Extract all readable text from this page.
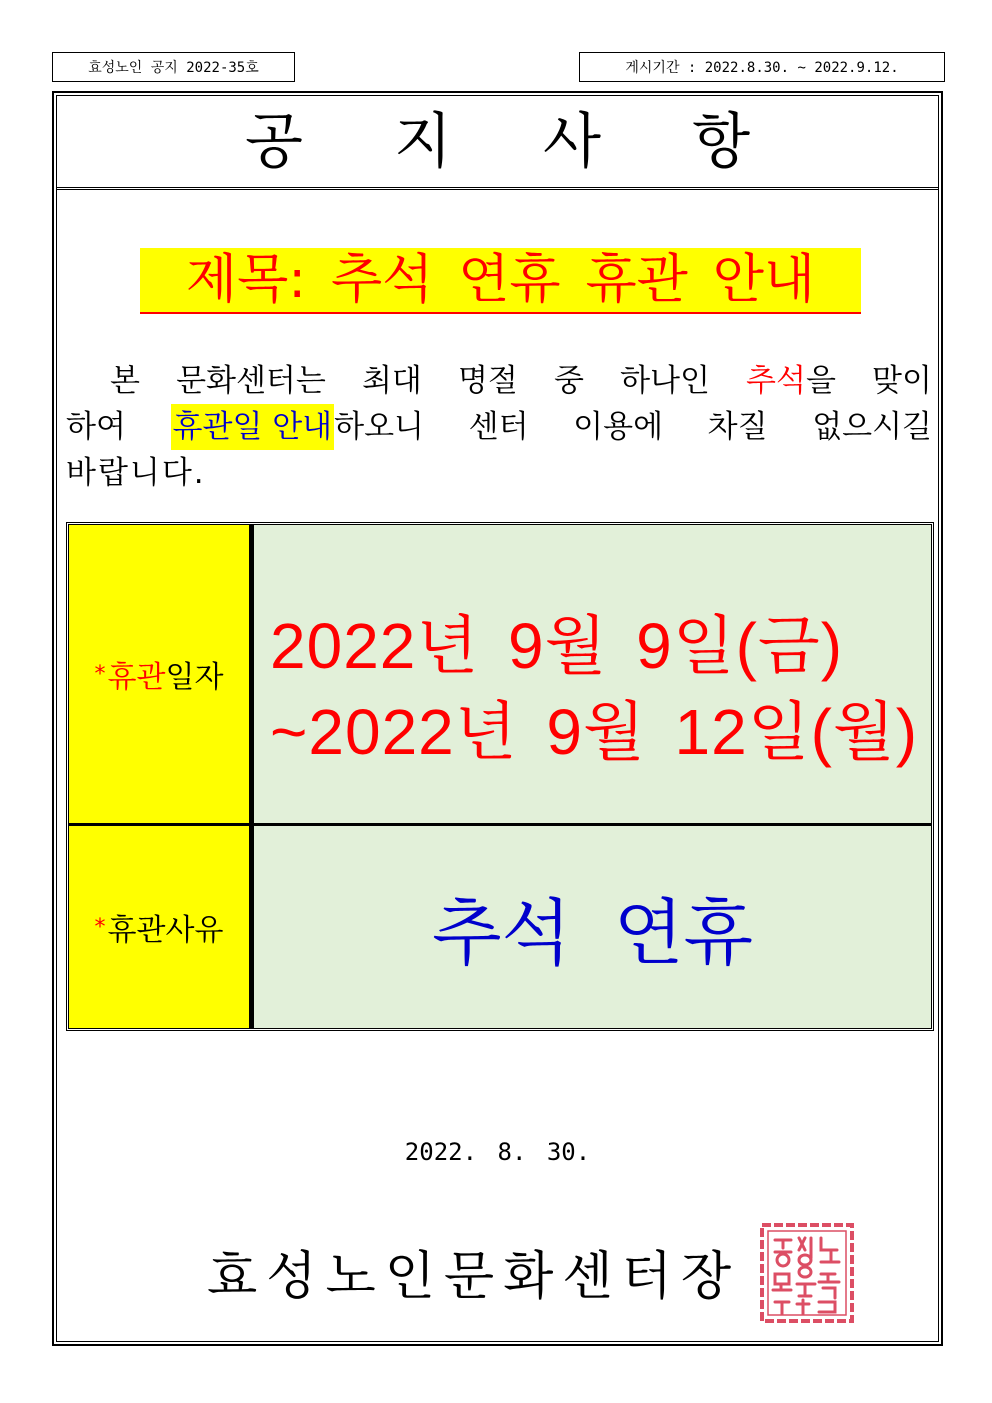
효성노인 공지 2022-35호	게시기간 : 2022.8.30. ~ 2022.9.12.
공 지 사 항
제목: 추석 연휴 휴관 안내
본 문화센터는 최대 명절 중 하나인 추석을 맞이
하여 휴관일 안내하오니 센터 이용에 차질 없으시길
바랍니다.
* 휴관 일자 2022년 9월 9일(금)
~2022년 9월 12일(월)
* 휴관사유	추석 연휴
2022. 8. 30.
효성노인문화센터장
